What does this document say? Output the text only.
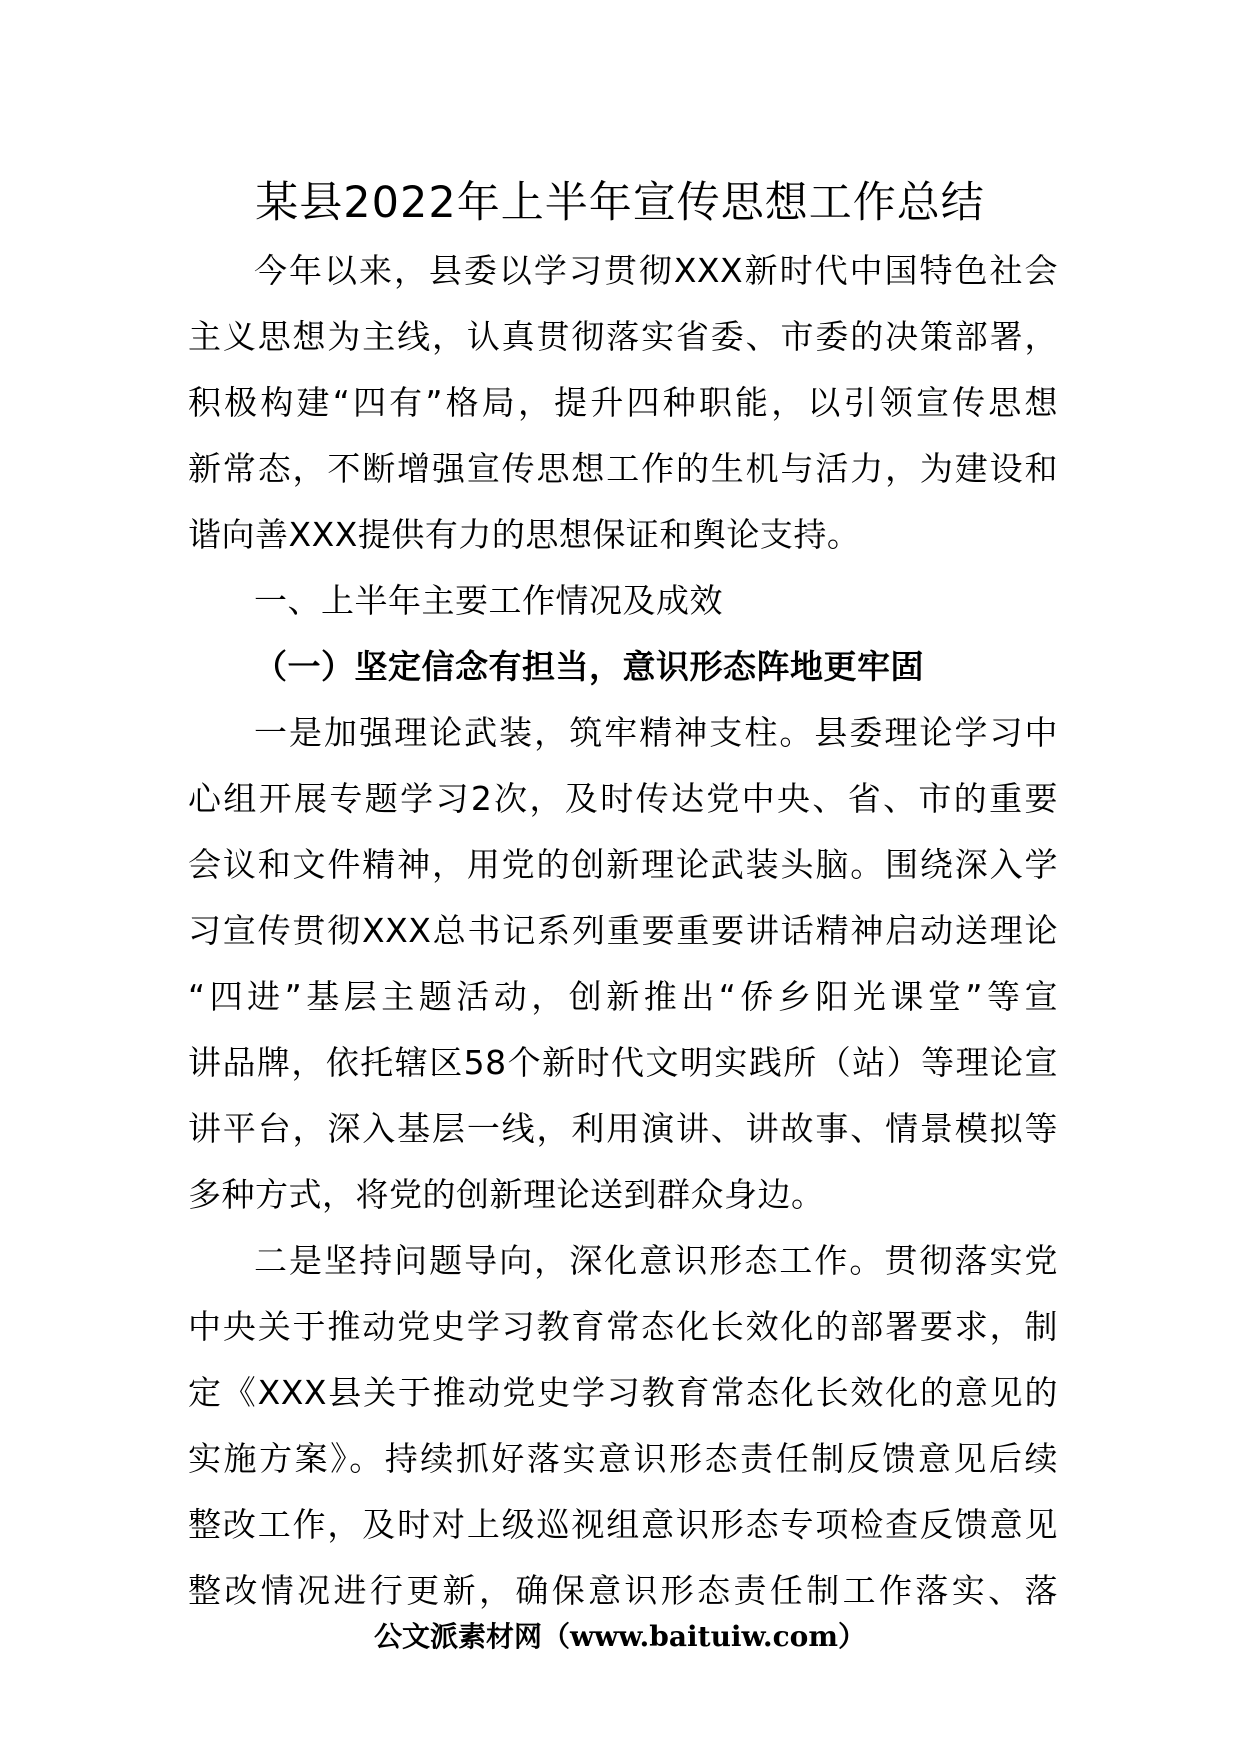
某县2022年上半年宣传思想工作总结

今年以来，县委以学习贯彻XXX新时代中国特色社会

主义思想为主线，认真贯彻落实省委、市委的决策部署，

积极构建“四有”格局，提升四种职能，以引领宣传思想

新常态，不断增强宣传思想工作的生机与活力，为建设和

谐向善XXX提供有力的思想保证和舆论支持。

一、上半年主要工作情况及成效

（一）坚定信念有担当，意识形态阵地更牢固

一是加强理论武装，筑牢精神支柱。县委理论学习中

心组开展专题学习2次，及时传达党中央、省、市的重要

会议和文件精神，用党的创新理论武装头脑。围绕深入学

习宣传贯彻XXX总书记系列重要重要讲话精神启动送理论

“四进”基层主题活动，创新推出“侨乡阳光课堂”等宣

讲品牌，依托辖区58个新时代文明实践所（站）等理论宣

讲平台，深入基层一线，利用演讲、讲故事、情景模拟等

多种方式，将党的创新理论送到群众身边。

二是坚持问题导向，深化意识形态工作。贯彻落实党

中央关于推动党史学习教育常态化长效化的部署要求，制

定《XXX县关于推动党史学习教育常态化长效化的意见的

实施方案》。持续抓好落实意识形态责任制反馈意见后续

整改工作，及时对上级巡视组意识形态专项检查反馈意见

整改情况进行更新，确保意识形态责任制工作落实、落

公文派素材网（www.baituiw.com）
